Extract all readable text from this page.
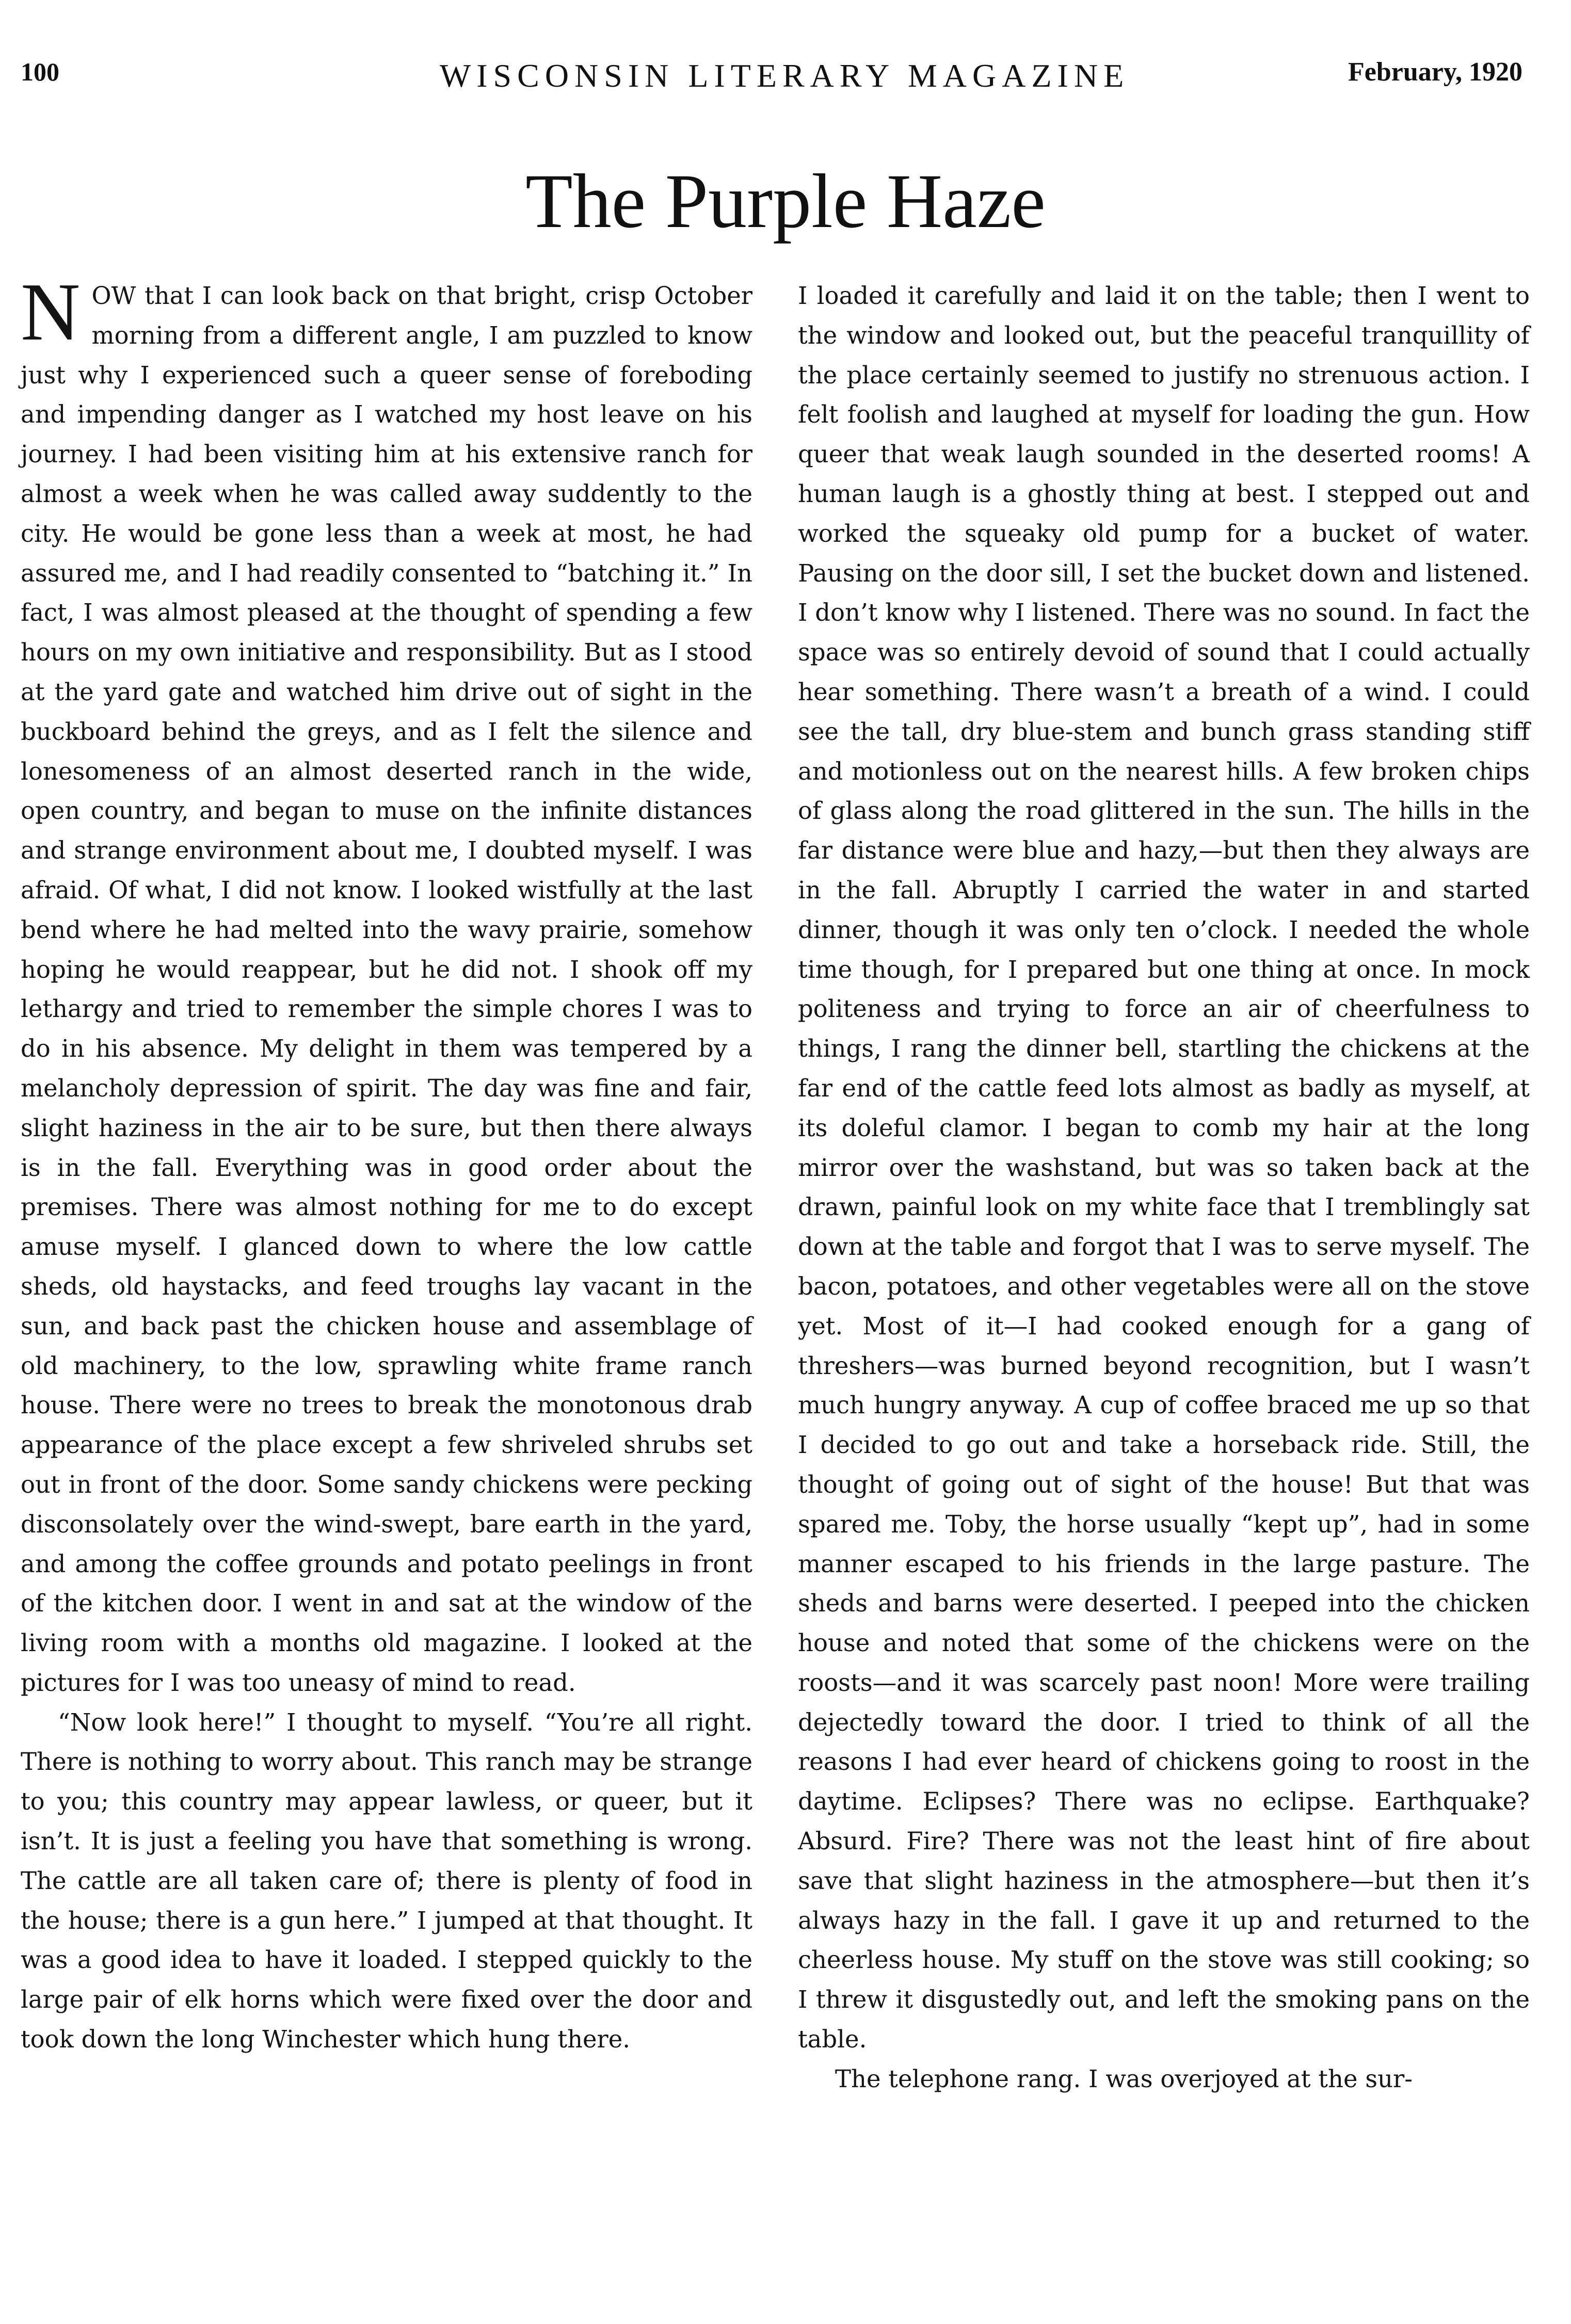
100	WISCONSIN LITERARY MAGAZINE	February, 1920
The Purple Haze

NOW that I can look back on that bright, crisp October morning from a different angle, I am puzzled to know just why I experienced such a queer sense of foreboding and impending danger as I watched my host leave on his journey. I had been visiting him at his extensive ranch for almost a week when he was called away suddently to the city. He would be gone less than a week at most, he had assured me, and I had readily consented to “batching it.” In fact, I was almost pleased at the thought of spending a few hours on my own initiative and responsibility. But as I stood at the yard gate and watched him drive out of sight in the buckboard behind the greys, and as I felt the silence and lonesomeness of an almost deserted ranch in the wide, open country, and began to muse on the infinite distances and strange environment about me, I doubted myself. I was afraid. Of what, I did not know. I looked wistfully at the last bend where he had melted into the wavy prairie, somehow hoping he would reappear, but he did not. I shook off my lethargy and tried to remember the simple chores I was to do in his absence. My delight in them was tempered by a melancholy depression of spirit. The day was fine and fair, slight haziness in the air to be sure, but then there always is in the fall. Everything was in good order about the premises. There was almost nothing for me to do except amuse myself. I glanced down to where the low cattle sheds, old haystacks, and feed troughs lay vacant in the sun, and back past the chicken house and assemblage of old machinery, to the low, sprawling white frame ranch house. There were no trees to break the monotonous drab appearance of the place except a few shriveled shrubs set out in front of the door. Some sandy chickens were pecking disconsolately over the wind-swept, bare earth in the yard, and among the coffee grounds and potato peelings in front of the kitchen door. I went in and sat at the window of the living room with a months old magazine. I looked at the pictures for I was too uneasy of mind to read.

“Now look here!” I thought to myself. “You’re all right. There is nothing to worry about. This ranch may be strange to you; this country may appear lawless, or queer, but it isn’t. It is just a feeling you have that something is wrong. The cattle are all taken care of; there is plenty of food in the house; there is a gun here.” I jumped at that thought. It was a good idea to have it loaded. I stepped quickly to the large pair of elk horns which were fixed over the door and took down the long Winchester which hung there.

I loaded it carefully and laid it on the table; then I went to the window and looked out, but the peaceful tranquillity of the place certainly seemed to justify no strenuous action. I felt foolish and laughed at myself for loading the gun. How queer that weak laugh sounded in the deserted rooms! A human laugh is a ghostly thing at best. I stepped out and worked the squeaky old pump for a bucket of water. Pausing on the door sill, I set the bucket down and listened. I don’t know why I listened. There was no sound. In fact the space was so entirely devoid of sound that I could actually hear something. There wasn’t a breath of a wind. I could see the tall, dry blue-stem and bunch grass standing stiff and motionless out on the nearest hills. A few broken chips of glass along the road glittered in the sun. The hills in the far distance were blue and hazy,—but then they always are in the fall. Abruptly I carried the water in and started dinner, though it was only ten o’clock. I needed the whole time though, for I prepared but one thing at once. In mock politeness and trying to force an air of cheerfulness to things, I rang the dinner bell, startling the chickens at the far end of the cattle feed lots almost as badly as myself, at its doleful clamor. I began to comb my hair at the long mirror over the washstand, but was so taken back at the drawn, painful look on my white face that I tremblingly sat down at the table and forgot that I was to serve myself. The bacon, potatoes, and other vegetables were all on the stove yet. Most of it—I had cooked enough for a gang of threshers—was burned beyond recognition, but I wasn’t much hungry anyway. A cup of coffee braced me up so that I decided to go out and take a horseback ride. Still, the thought of going out of sight of the house! But that was spared me. Toby, the horse usually “kept up”, had in some manner escaped to his friends in the large pasture. The sheds and barns were deserted. I peeped into the chicken house and noted that some of the chickens were on the roosts—and it was scarcely past noon! More were trailing dejectedly toward the door. I tried to think of all the reasons I had ever heard of chickens going to roost in the daytime. Eclipses? There was no eclipse. Earthquake? Absurd. Fire? There was not the least hint of fire about save that slight haziness in the atmosphere—but then it’s always hazy in the fall. I gave it up and returned to the cheerless house. My stuff on the stove was still cooking; so I threw it disgustedly out, and left the smoking pans on the table.

The telephone rang. I was overjoyed at the sur-
